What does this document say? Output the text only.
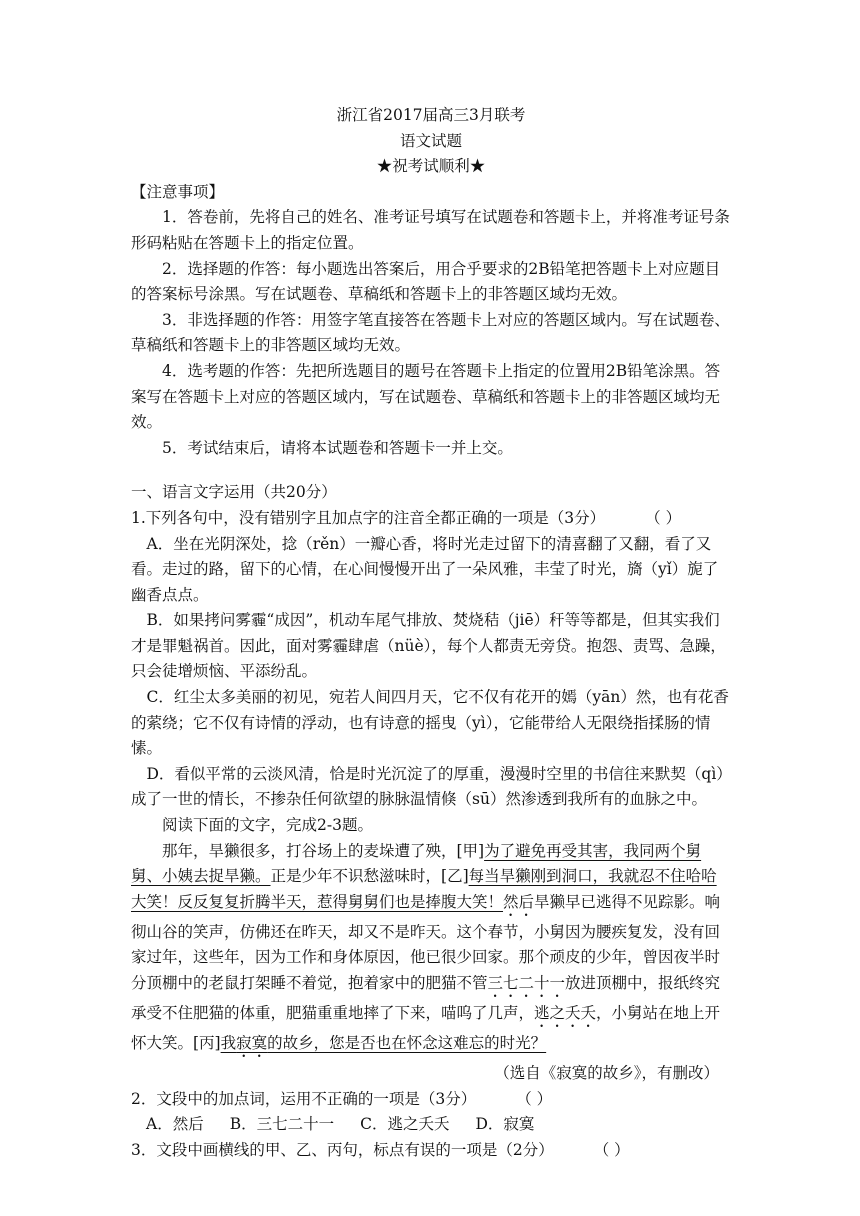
浙江省2017届高三3月联考

语文试题

★祝考试顺利★

【注意事项】

1．答卷前，先将自己的姓名、准考证号填写在试题卷和答题卡上，并将准考证号条形码粘贴在答题卡上的指定位置。

2．选择题的作答：每小题选出答案后，用合乎要求的2B铅笔把答题卡上对应题目的答案标号涂黑。写在试题卷、草稿纸和答题卡上的非答题区域均无效。

3．非选择题的作答：用签字笔直接答在答题卡上对应的答题区域内。写在试题卷、草稿纸和答题卡上的非答题区域均无效。

4．选考题的作答：先把所选题目的题号在答题卡上指定的位置用2B铅笔涂黑。答案写在答题卡上对应的答题区域内，写在试题卷、草稿纸和答题卡上的非答题区域均无效。

5．考试结束后，请将本试题卷和答题卡一并上交。

一、语言文字运用（共20分）

1.下列各句中，没有错别字且加点字的注音全都正确的一项是（3分）	（ ）

A．坐在光阴深处，捻（rěn）一瓣心香，将时光走过留下的清喜翻了又翻，看了又看。走过的路，留下的心情，在心间慢慢开出了一朵风雅，丰莹了时光，旖（yǐ）旎了幽香点点。

B．如果拷问雾霾“成因”，机动车尾气排放、焚烧秸（jiē）秆等等都是，但其实我们才是罪魁祸首。因此，面对雾霾肆虐（nüè），每个人都责无旁贷。抱怨、责骂、急躁，只会徒增烦恼、平添纷乱。

C．红尘太多美丽的初见，宛若人间四月天，它不仅有花开的嫣（yān）然，也有花香的萦绕；它不仅有诗情的浮动，也有诗意的摇曳（yì），它能带给人无限绕指揉肠的情愫。

D．看似平常的云淡风清，恰是时光沉淀了的厚重，漫漫时空里的书信往来默契（qì）成了一世的情长，不掺杂任何欲望的脉脉温情倏（sū）然渗透到我所有的血脉之中。

阅读下面的文字，完成2-3题。

那年，旱獭很多，打谷场上的麦垛遭了殃，[甲]为了避免再受其害，我同两个舅舅、小姨去捉旱獭。正是少年不识愁滋味时，[乙]每当旱獭刚到洞口，我就忍不住哈哈大笑！反反复复折腾半天，惹得舅舅们也是捧腹大笑！然后旱獭早已逃得不见踪影。响彻山谷的笑声，仿佛还在昨天，却又不是昨天。这个春节，小舅因为腰疾复发，没有回家过年，这些年，因为工作和身体原因，他已很少回家。那个顽皮的少年，曾因夜半时分顶棚中的老鼠打架睡不着觉，抱着家中的肥猫不管三七二十一放进顶棚中，报纸终究承受不住肥猫的体重，肥猫重重地摔了下来，喵呜了几声，逃之夭夭，小舅站在地上开怀大笑。[丙]我寂寞的故乡，您是否也在怀念这难忘的时光？

（选自《寂寞的故乡》，有删改）

2．文段中的加点词，运用不正确的一项是（3分）	（ ）

A．然后 B．三七二十一 C．逃之夭夭 D．寂寞

3．文段中画横线的甲、乙、丙句，标点有误的一项是（2分）	（ ）
